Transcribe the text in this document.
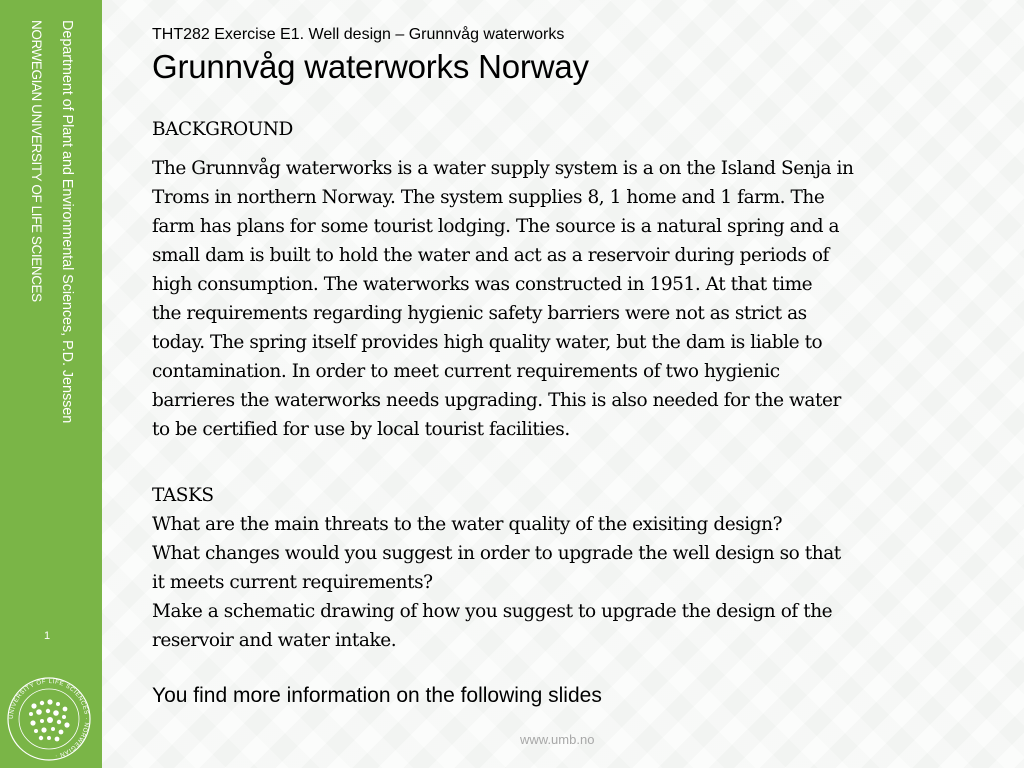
Department of Plant and Environmental Sciences, P.D. Jenssen
NORWEGIAN UNIVERSITY OF LIFE SCIENCES
1
UNIVERSITY OF LIFE SCIENCES · NORWEGIAN ·
THT282 Exercise E1. Well design – Grunnvåg waterworks
Grunnvåg waterworks Norway
BACKGROUND
The Grunnvåg waterworks is a water supply system is a on the Island Senja in
Troms in northern Norway. The system supplies 8, 1 home and 1 farm. The
farm has plans for some tourist lodging. The source is a natural spring and a
small dam is built to hold the water and act as a reservoir during periods of
high consumption. The waterworks was constructed in 1951. At that time
the requirements regarding hygienic safety barriers were not as strict as
today. The spring itself provides high quality water, but the dam is liable to
contamination. In order to meet current requirements of two hygienic
barrieres the waterworks needs upgrading. This is also needed for the water
to be certified for use by local tourist facilities.
TASKS
What are the main threats to the water quality of the exisiting design?
What changes would you suggest in order to upgrade the well design so that
it meets current requirements?
Make a schematic drawing of how you suggest to upgrade the design of the
reservoir and water intake.
You find more information on the following slides
www.umb.no
